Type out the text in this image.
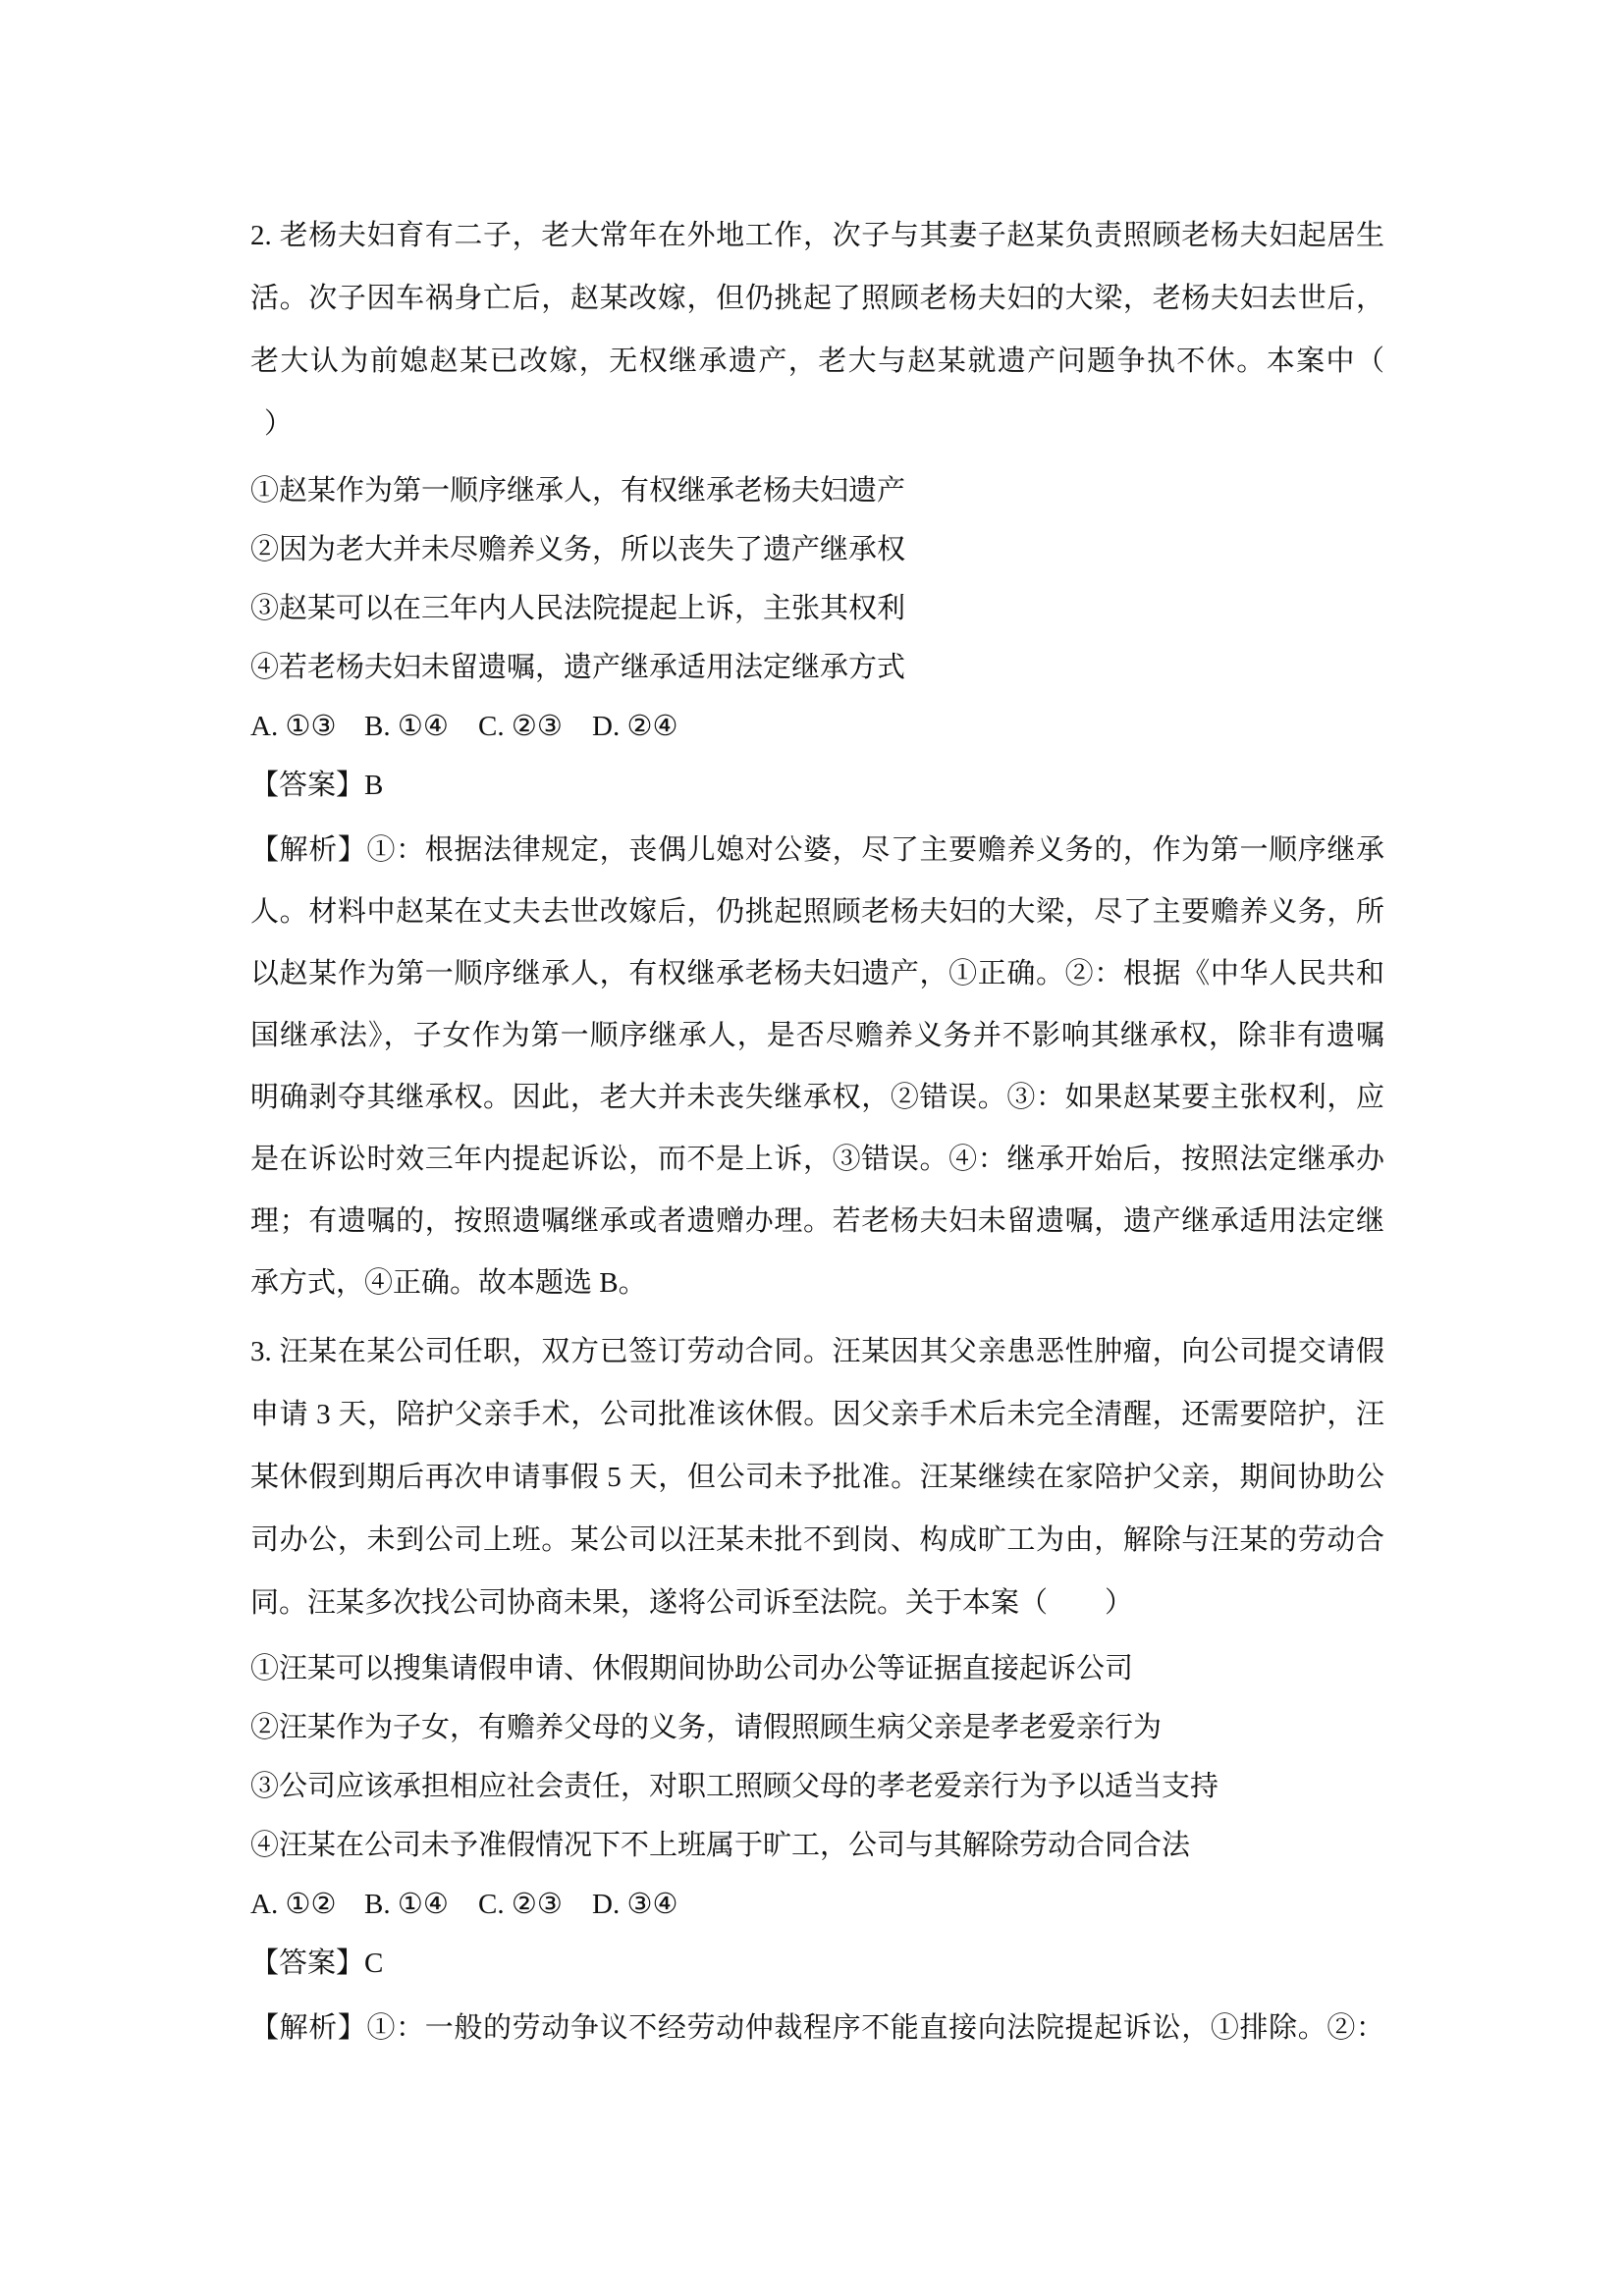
2. 老杨夫妇育有二子，老大常年在外地工作，次子与其妻子赵某负责照顾老杨夫妇起居生
活。次子因车祸身亡后，赵某改嫁，但仍挑起了照顾老杨夫妇的大梁，老杨夫妇去世后，
老大认为前媳赵某已改嫁，无权继承遗产，老大与赵某就遗产问题争执不休。本案中（
）
①赵某作为第一顺序继承人，有权继承老杨夫妇遗产
②因为老大并未尽赡养义务，所以丧失了遗产继承权
③赵某可以在三年内人民法院提起上诉，主张其权利
④若老杨夫妇未留遗嘱，遗产继承适用法定继承方式
A. ①③ B. ①④ C. ②③ D. ②④
【答案】B
【解析】①：根据法律规定，丧偶儿媳对公婆，尽了主要赡养义务的，作为第一顺序继承
人。材料中赵某在丈夫去世改嫁后，仍挑起照顾老杨夫妇的大梁，尽了主要赡养义务，所
以赵某作为第一顺序继承人，有权继承老杨夫妇遗产，①正确。②：根据《中华人民共和
国继承法》，子女作为第一顺序继承人，是否尽赡养义务并不影响其继承权，除非有遗嘱
明确剥夺其继承权。因此，老大并未丧失继承权，②错误。③：如果赵某要主张权利，应
是在诉讼时效三年内提起诉讼，而不是上诉，③错误。④：继承开始后，按照法定继承办
理；有遗嘱的，按照遗嘱继承或者遗赠办理。若老杨夫妇未留遗嘱，遗产继承适用法定继
承方式，④正确。故本题选 B。
3. 汪某在某公司任职，双方已签订劳动合同。汪某因其父亲患恶性肿瘤，向公司提交请假
申请 3 天，陪护父亲手术，公司批准该休假。因父亲手术后未完全清醒，还需要陪护，汪
某休假到期后再次申请事假 5 天，但公司未予批准。汪某继续在家陪护父亲，期间协助公
司办公，未到公司上班。某公司以汪某未批不到岗、构成旷工为由，解除与汪某的劳动合
同。汪某多次找公司协商未果，遂将公司诉至法院。关于本案（        ）
①汪某可以搜集请假申请、休假期间协助公司办公等证据直接起诉公司
②汪某作为子女，有赡养父母的义务，请假照顾生病父亲是孝老爱亲行为
③公司应该承担相应社会责任，对职工照顾父母的孝老爱亲行为予以适当支持
④汪某在公司未予准假情况下不上班属于旷工，公司与其解除劳动合同合法
A. ①② B. ①④ C. ②③ D. ③④
【答案】C
【解析】①：一般的劳动争议不经劳动仲裁程序不能直接向法院提起诉讼，①排除。②：
